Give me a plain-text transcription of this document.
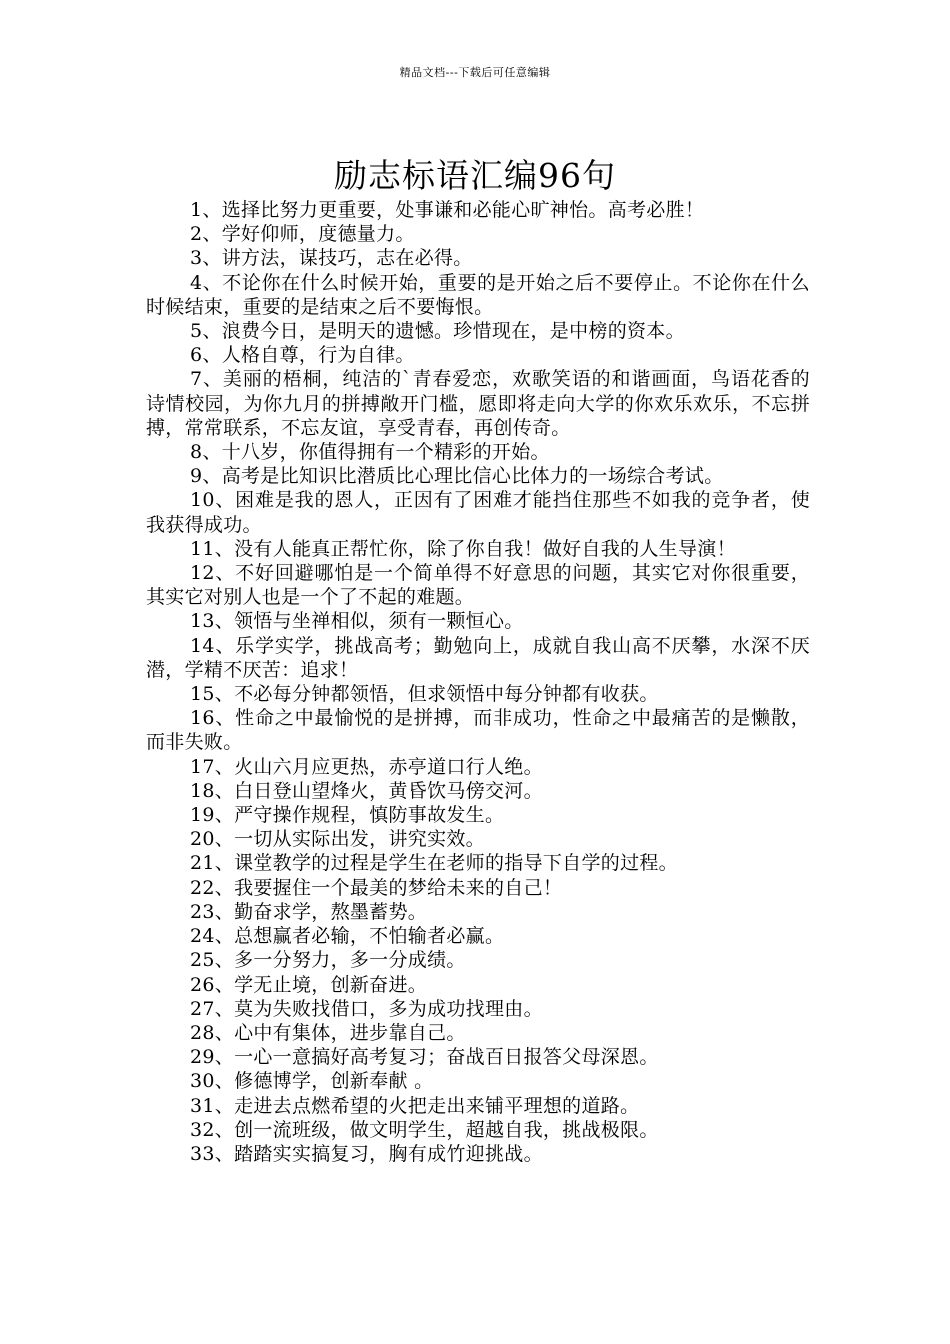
精品文档---下载后可任意编辑
励志标语汇编96句

1、选择比努力更重要，处事谦和必能心旷神怡。高考必胜！

2、学好仰师，度德量力。

3、讲方法，谋技巧，志在必得。

4、不论你在什么时候开始，重要的是开始之后不要停止。不论你在什么时候结束，重要的是结束之后不要悔恨。

5、浪费今日，是明天的遗憾。珍惜现在，是中榜的资本。

6、人格自尊，行为自律。

7、美丽的梧桐，纯洁的`青春爱恋，欢歌笑语的和谐画面，鸟语花香的诗情校园，为你九月的拼搏敞开门槛，愿即将走向大学的你欢乐欢乐，不忘拼搏，常常联系，不忘友谊，享受青春，再创传奇。

8、十八岁，你值得拥有一个精彩的开始。

9、高考是比知识比潜质比心理比信心比体力的一场综合考试。

10、困难是我的恩人，正因有了困难才能挡住那些不如我的竞争者，使我获得成功。

11、没有人能真正帮忙你，除了你自我！做好自我的人生导演！

12、不好回避哪怕是一个简单得不好意思的问题，其实它对你很重要，其实它对别人也是一个了不起的难题。

13、领悟与坐禅相似，须有一颗恒心。

14、乐学实学，挑战高考；勤勉向上，成就自我山高不厌攀，水深不厌潜，学精不厌苦：追求！

15、不必每分钟都领悟，但求领悟中每分钟都有收获。

16、性命之中最愉悦的是拼搏，而非成功，性命之中最痛苦的是懒散，而非失败。

17、火山六月应更热，赤亭道口行人绝。

18、白日登山望烽火，黄昏饮马傍交河。

19、严守操作规程，慎防事故发生。

20、一切从实际出发，讲究实效。

21、课堂教学的过程是学生在老师的指导下自学的过程。

22、我要握住一个最美的梦给未来的自己！

23、勤奋求学，熬墨蓄势。

24、总想赢者必输，不怕输者必赢。

25、多一分努力，多一分成绩。

26、学无止境，创新奋进。

27、莫为失败找借口，多为成功找理由。

28、心中有集体，进步靠自己。

29、一心一意搞好高考复习；奋战百日报答父母深恩。

30、修德博学，创新奉献 。

31、走进去点燃希望的火把走出来铺平理想的道路。

32、创一流班级，做文明学生，超越自我，挑战极限。

33、踏踏实实搞复习，胸有成竹迎挑战。
